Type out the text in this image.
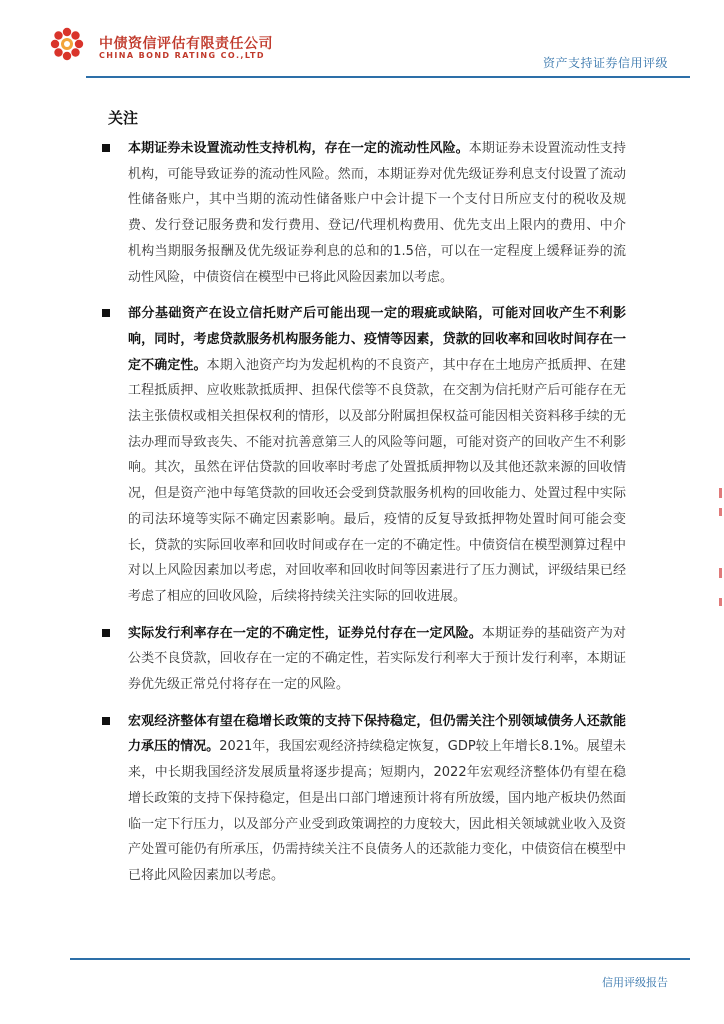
中债资信评估有限责任公司
CHINA BOND RATING CO.,LTD
资产支持证券信用评级
关注
本期证券未设置流动性支持机构，存在一定的流动性风险。本期证券未设置流动性支持机构，可能导致证券的流动性风险。然而，本期证券对优先级证券利息支付设置了流动性储备账户，其中当期的流动性储备账户中会计提下一个支付日所应支付的税收及规费、发行登记服务费和发行费用、登记/代理机构费用、优先支出上限内的费用、中介机构当期服务报酬及优先级证券利息的总和的1.5倍，可以在一定程度上缓释证券的流动性风险，中债资信在模型中已将此风险因素加以考虑。
部分基础资产在设立信托财产后可能出现一定的瑕疵或缺陷，可能对回收产生不利影响，同时，考虑贷款服务机构服务能力、疫情等因素，贷款的回收率和回收时间存在一定不确定性。本期入池资产均为发起机构的不良资产，其中存在土地房产抵质押、在建工程抵质押、应收账款抵质押、担保代偿等不良贷款，在交割为信托财产后可能存在无法主张债权或相关担保权利的情形，以及部分附属担保权益可能因相关资料移手续的无法办理而导致丧失、不能对抗善意第三人的风险等问题，可能对资产的回收产生不利影响。其次，虽然在评估贷款的回收率时考虑了处置抵质押物以及其他还款来源的回收情况，但是资产池中每笔贷款的回收还会受到贷款服务机构的回收能力、处置过程中实际的司法环境等实际不确定因素影响。最后，疫情的反复导致抵押物处置时间可能会变长，贷款的实际回收率和回收时间或存在一定的不确定性。中债资信在模型测算过程中对以上风险因素加以考虑，对回收率和回收时间等因素进行了压力测试，评级结果已经考虑了相应的回收风险，后续将持续关注实际的回收进展。
实际发行利率存在一定的不确定性，证券兑付存在一定风险。本期证券的基础资产为对公类不良贷款，回收存在一定的不确定性，若实际发行利率大于预计发行利率，本期证券优先级正常兑付将存在一定的风险。
宏观经济整体有望在稳增长政策的支持下保持稳定，但仍需关注个别领域债务人还款能力承压的情况。2021年，我国宏观经济持续稳定恢复，GDP较上年增长8.1%。展望未来，中长期我国经济发展质量将逐步提高；短期内，2022年宏观经济整体仍有望在稳增长政策的支持下保持稳定，但是出口部门增速预计将有所放缓，国内地产板块仍然面临一定下行压力，以及部分产业受到政策调控的力度较大，因此相关领域就业收入及资产处置可能仍有所承压，仍需持续关注不良债务人的还款能力变化，中债资信在模型中已将此风险因素加以考虑。
信用评级报告
